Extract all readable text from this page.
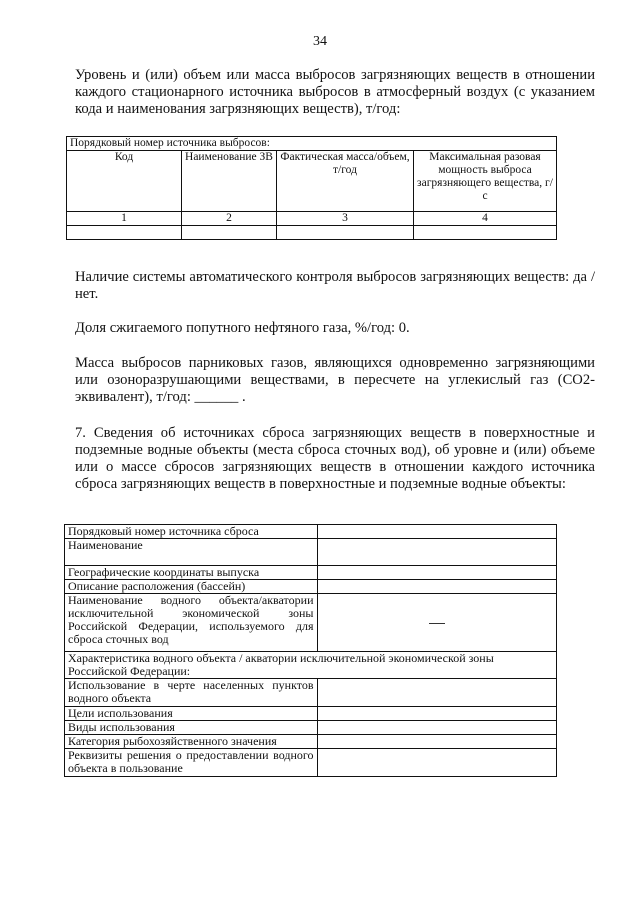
34

Уровень и (или) объем или масса выбросов загрязняющих веществ в отношении каждого стационарного источника выбросов в атмосферный воздух (с указанием кода и наименования загрязняющих веществ), т/год:

Порядковый номер источника выбросов:			
Код	Наименование ЗВ	Фактическая масса/объем, т/год	Максимальная разовая мощность выброса загрязняющего вещества, г/с
1	2	3	4

Наличие системы автоматического контроля выбросов загрязняющих веществ: да /нет.

Доля сжигаемого попутного нефтяного газа, %/год: 0.

Масса выбросов парниковых газов, являющихся одновременно загрязняющими или озоноразрушающими веществами, в пересчете на углекислый газ (СО2-эквивалент), т/год: ______ .

7. Сведения об источниках сброса загрязняющих веществ в поверхностные и подземные водные объекты (места сброса сточных вод), об уровне и (или) объеме или о массе сбросов загрязняющих веществ в отношении каждого источника сброса загрязняющих веществ в поверхностные и подземные водные объекты:

Порядковый номер источника сброса	
Наименование	
Географические координаты выпуска	
Описание расположения (бассейн)	
Наименование водного объекта/акватории исключительной экономической зоны Российской Федерации, используемого для сброса сточных вод	
Характеристика водного объекта / акватории исключительной экономической зоны Российской Федерации:	
Использование в черте населенных пунктов водного объекта	
Цели использования	
Виды использования	
Категория рыбохозяйственного значения	
Реквизиты решения о предоставлении водного объекта в пользование	
